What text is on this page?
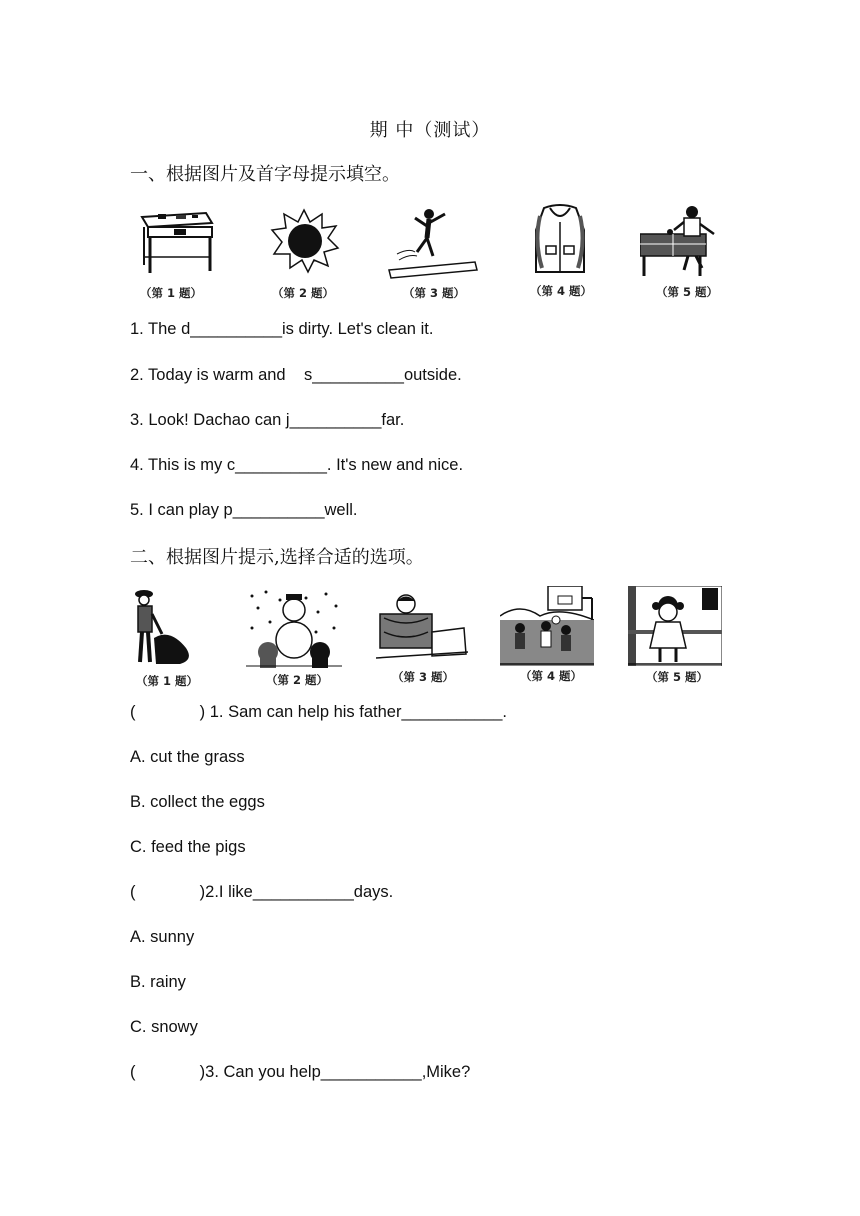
期 中（测试）
一、根据图片及首字母提示填空。
（第 1 题）	（第 2 题）	（第 3 题）	（第 4 题）	（第 5 题）
1. The d__________is dirty. Let's clean it.
2. Today is warm and    s__________outside.
3. Look! Dachao can j__________far.
4. This is my c__________. It's new and nice.
5. I can play p__________well.
二、根据图片提示,选择合适的选项。
（第 1 题）	（第 2 题）	（第 3 题）	（第 4 题）	（第 5 题）
(              ) 1. Sam can help his father___________.
A. cut the grass
B. collect the eggs
C. feed the pigs
(              )2.I like___________days.
A. sunny
B. rainy
C. snowy
(              )3. Can you help___________,Mike?
